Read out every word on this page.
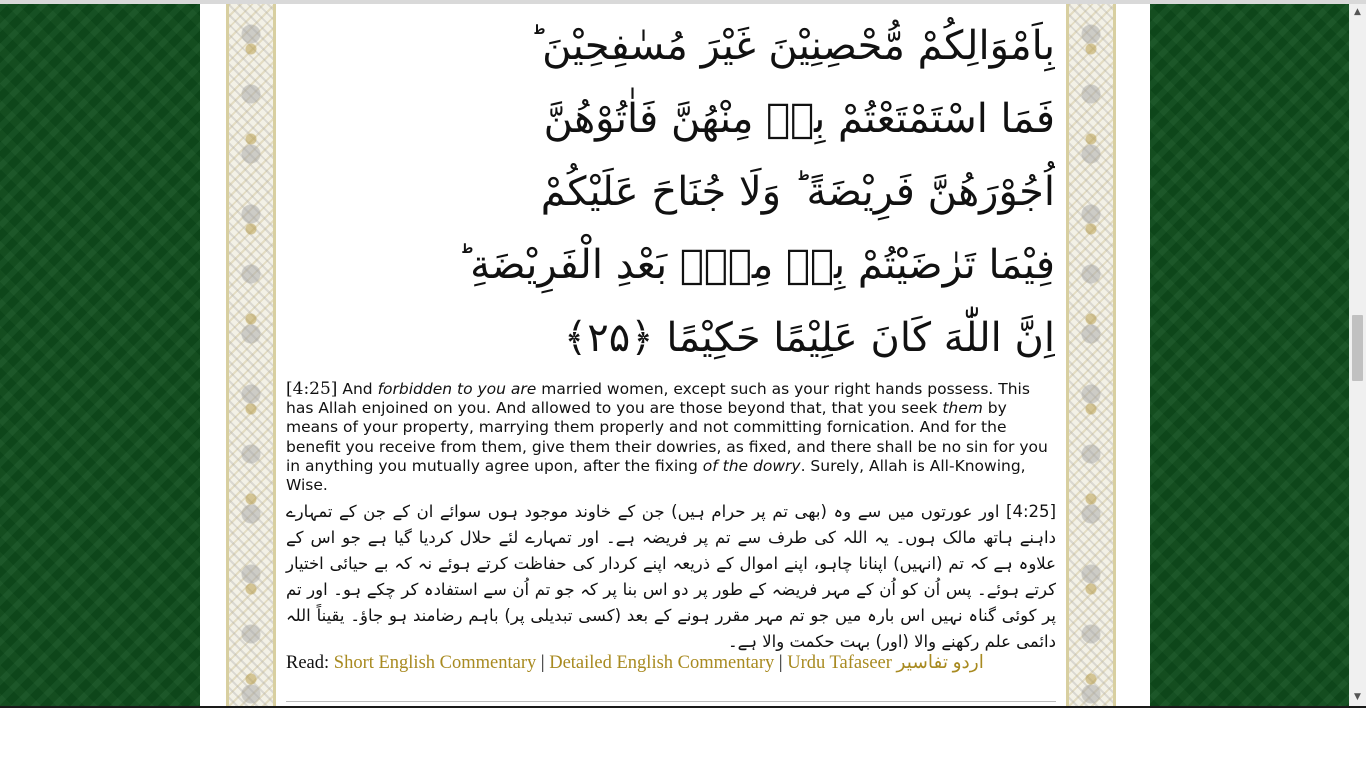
بِاَمْوَالِكُمْ مُّحْصِنِيْنَ غَيْرَ مُسٰفِحِيْنَ ؕ
فَمَا اسْتَمْتَعْتُمْ بِهٖ مِنْهُنَّ فَاٰتُوْهُنَّ
اُجُوْرَهُنَّ فَرِيْضَةً ؕ وَلَا جُنَاحَ عَلَيْكُمْ
فِيْمَا تَرٰضَيْتُمْ بِهٖ مِنْۢ بَعْدِ الْفَرِيْضَةِ ؕ
اِنَّ اللّٰهَ كَانَ عَلِيْمًا حَكِيْمًا ﴿۲۵﴾
[4:25] And forbidden to you are married women, except such as your right hands possess. This has Allah enjoined on you. And allowed to you are those beyond that, that you seek them by means of your property, marrying them properly and not committing fornication. And for the benefit you receive from them, give them their dowries, as fixed, and there shall be no sin for you in anything you mutually agree upon, after the fixing of the dowry. Surely, Allah is All-Knowing, Wise.
[4:25] اور عورتوں میں سے وہ (بھی تم پر حرام ہیں) جن کے خاوند موجود ہوں سوائے ان کے جن کے تمہارے داہنے ہاتھ مالک ہوں۔ یہ اللہ کی طرف سے تم پر فریضہ ہے۔ اور تمہارے لئے حلال کردیا گیا ہے جو اس کے علاوہ ہے کہ تم (انہیں) اپنانا چاہو، اپنے اموال کے ذریعہ اپنے کردار کی حفاظت کرتے ہوئے نہ کہ بے حیائی اختیار کرتے ہوئے۔ پس اُن کو اُن کے مہر فریضہ کے طور پر دو اس بنا پر کہ جو تم اُن سے استفادہ کر چکے ہو۔ اور تم پر کوئی گناہ نہیں اس بارہ میں جو تم مہر مقرر ہونے کے بعد (کسی تبدیلی پر) باہم رضامند ہو جاؤ۔ یقیناً اللہ دائمی علم رکھنے والا (اور) بہت حکمت والا ہے۔
Read: Short English Commentary | Detailed English Commentary | Urdu Tafaseer اردو تفاسیر
▲
▼
